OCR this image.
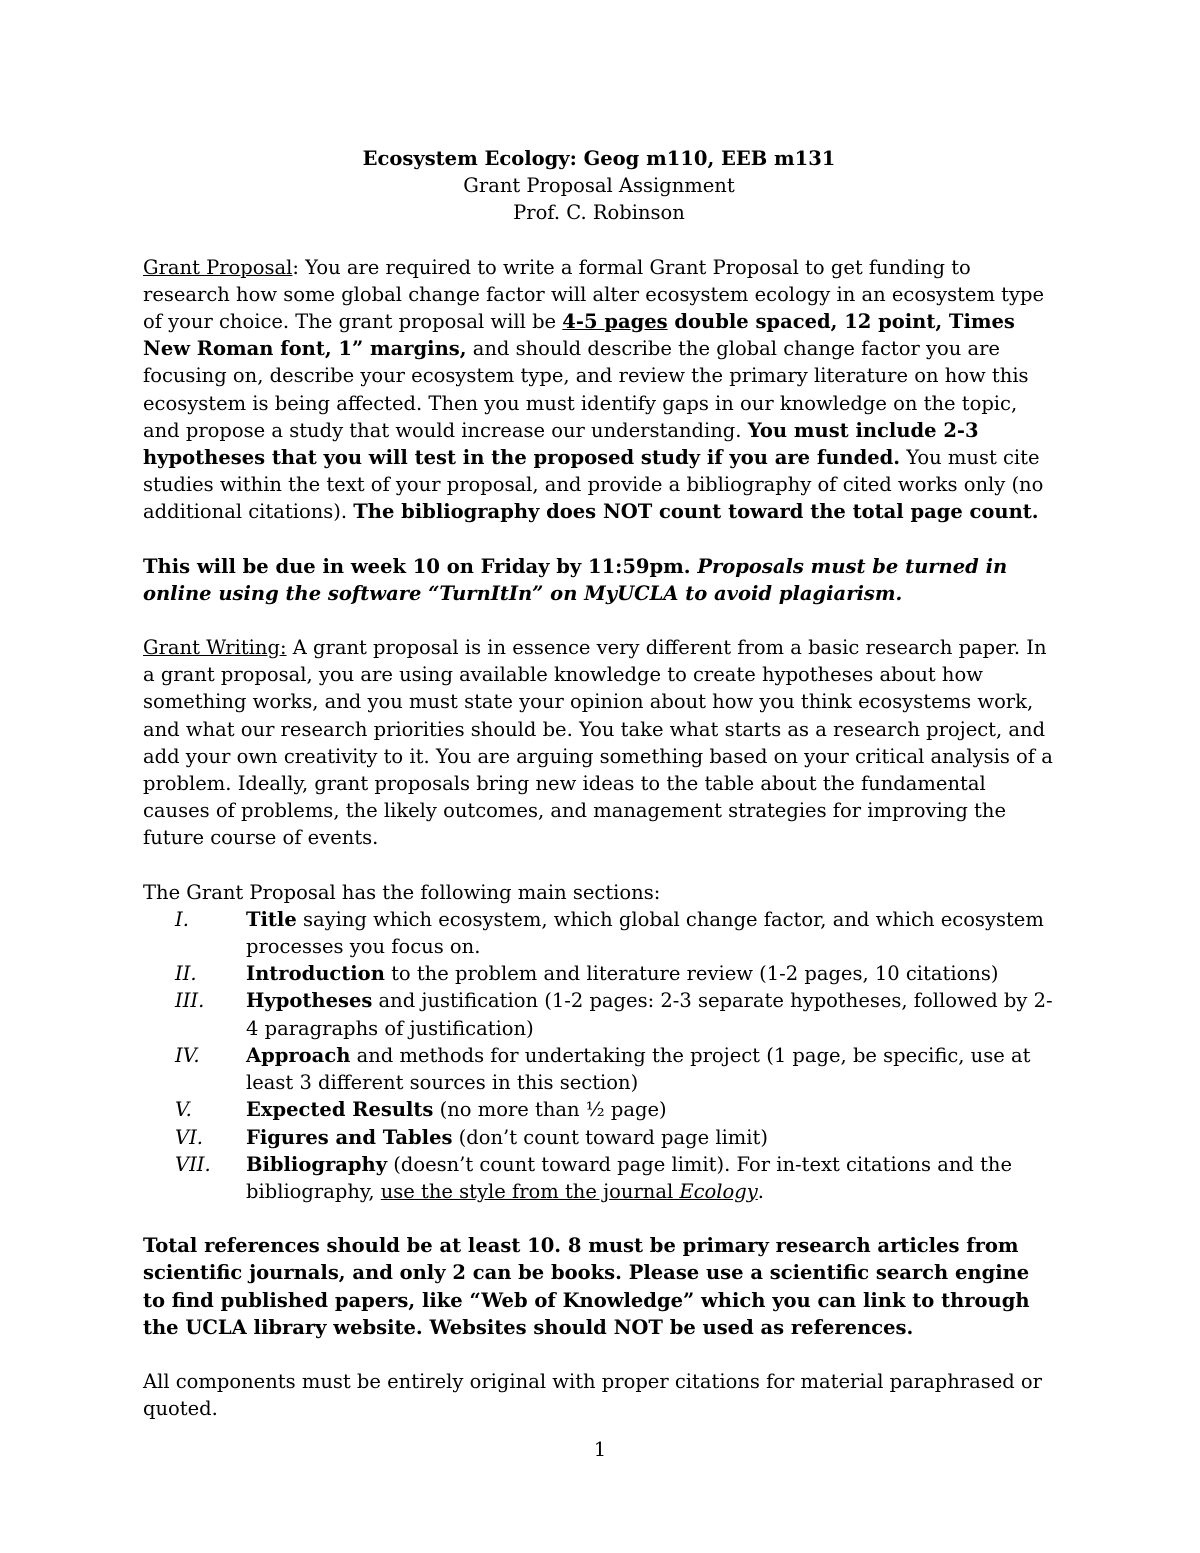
Ecosystem Ecology: Geog m110, EEB m131

Grant Proposal Assignment

Prof. C. Robinson

Grant Proposal: You are required to write a formal Grant Proposal to get funding to research how some global change factor will alter ecosystem ecology in an ecosystem type of your choice. The grant proposal will be 4-5 pages double spaced, 12 point, Times New Roman font, 1” margins, and should describe the global change factor you are focusing on, describe your ecosystem type, and review the primary literature on how this ecosystem is being affected. Then you must identify gaps in our knowledge on the topic, and propose a study that would increase our understanding. You must include 2-3 hypotheses that you will test in the proposed study if you are funded. You must cite studies within the text of your proposal, and provide a bibliography of cited works only (no additional citations). The bibliography does NOT count toward the total page count.

This will be due in week 10 on Friday by 11:59pm. Proposals must be turned in online using the software “TurnItIn” on MyUCLA to avoid plagiarism.

Grant Writing: A grant proposal is in essence very different from a basic research paper. In a grant proposal, you are using available knowledge to create hypotheses about how something works, and you must state your opinion about how you think ecosystems work, and what our research priorities should be. You take what starts as a research project, and add your own creativity to it. You are arguing something based on your critical analysis of a problem. Ideally, grant proposals bring new ideas to the table about the fundamental causes of problems, the likely outcomes, and management strategies for improving the future course of events.

The Grant Proposal has the following main sections:

I.	Title saying which ecosystem, which global change factor, and which ecosystem processes you focus on.
II.	Introduction to the problem and literature review (1-2 pages, 10 citations)
III. Hypotheses and justification (1-2 pages: 2-3 separate hypotheses, followed by 2-4 paragraphs of justification)
IV. Approach and methods for undertaking the project (1 page, be specific, use at least 3 different sources in this section)
V.	Expected Results (no more than ½ page)
VI. Figures and Tables (don’t count toward page limit)
VII. Bibliography (doesn’t count toward page limit). For in-text citations and the bibliography, use the style from the journal Ecology.

Total references should be at least 10. 8 must be primary research articles from scientific journals, and only 2 can be books. Please use a scientific search engine to find published papers, like “Web of Knowledge” which you can link to through the UCLA library website. Websites should NOT be used as references.

All components must be entirely original with proper citations for material paraphrased or quoted.

1
